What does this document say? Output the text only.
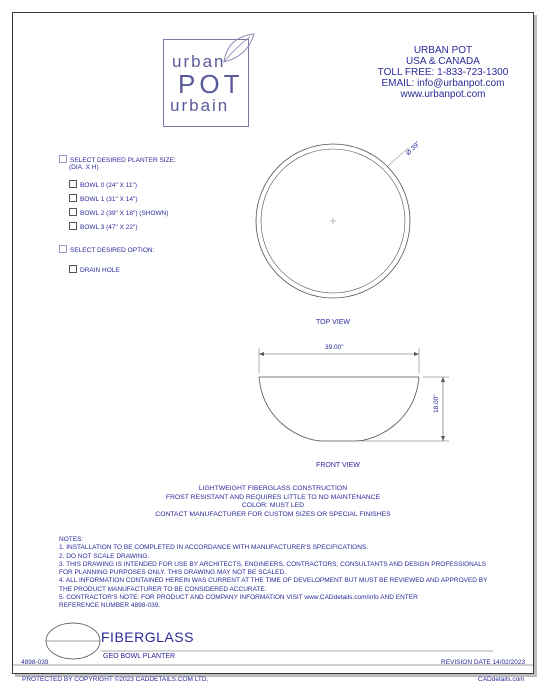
urban
POT
urbain
URBAN POT
USA & CANADA
TOLL FREE: 1-833-723-1300
EMAIL: info@urbanpot.com
www.urbanpot.com
SELECT DESIRED PLANTER SIZE:
(DIA. X H)
BOWL 0 (24" X 11")
BOWL 1 (31" X 14")
BOWL 2 (39" X 18") (SHOWN)
BOWL 3 (47" X 22")
SELECT DESIRED OPTION:
DRAIN HOLE
Ø 39"
TOP VIEW
39.00"
18.00"
FRONT VIEW
LIGHTWEIGHT FIBERGLASS CONSTRUCTION
FROST RESISTANT AND REQUIRES LITTLE TO NO MAINTENANCE
COLOR: MUST LED
CONTACT MANUFACTURER FOR CUSTOM SIZES OR SPECIAL FINISHES
NOTES:
1. INSTALLATION TO BE COMPLETED IN ACCORDANCE WITH MANUFACTURER'S SPECIFICATIONS.
2. DO NOT SCALE DRAWING.
3. THIS DRAWING IS INTENDED FOR USE BY ARCHITECTS, ENGINEERS, CONTRACTORS, CONSULTANTS AND DESIGN PROFESSIONALS
FOR PLANNING PURPOSES ONLY. THIS DRAWING MAY NOT BE SCALED.
4. ALL INFORMATION CONTAINED HEREIN WAS CURRENT AT THE TIME OF DEVELOPMENT BUT MUST BE REVIEWED AND APPROVED BY
THE PRODUCT MANUFACTURER TO BE CONSIDERED ACCURATE.
5. CONTRACTOR'S NOTE: FOR PRODUCT AND COMPANY INFORMATION VISIT www.CADdetails.com/info AND ENTER
REFERENCE NUMBER 4898-039.
FIBERGLASS
GEO BOWL PLANTER
4898-039	REVISION DATE 14/02/2023
PROTECTED BY COPYRIGHT ©2023 CADDETAILS.COM LTD.	CADdetails.com
